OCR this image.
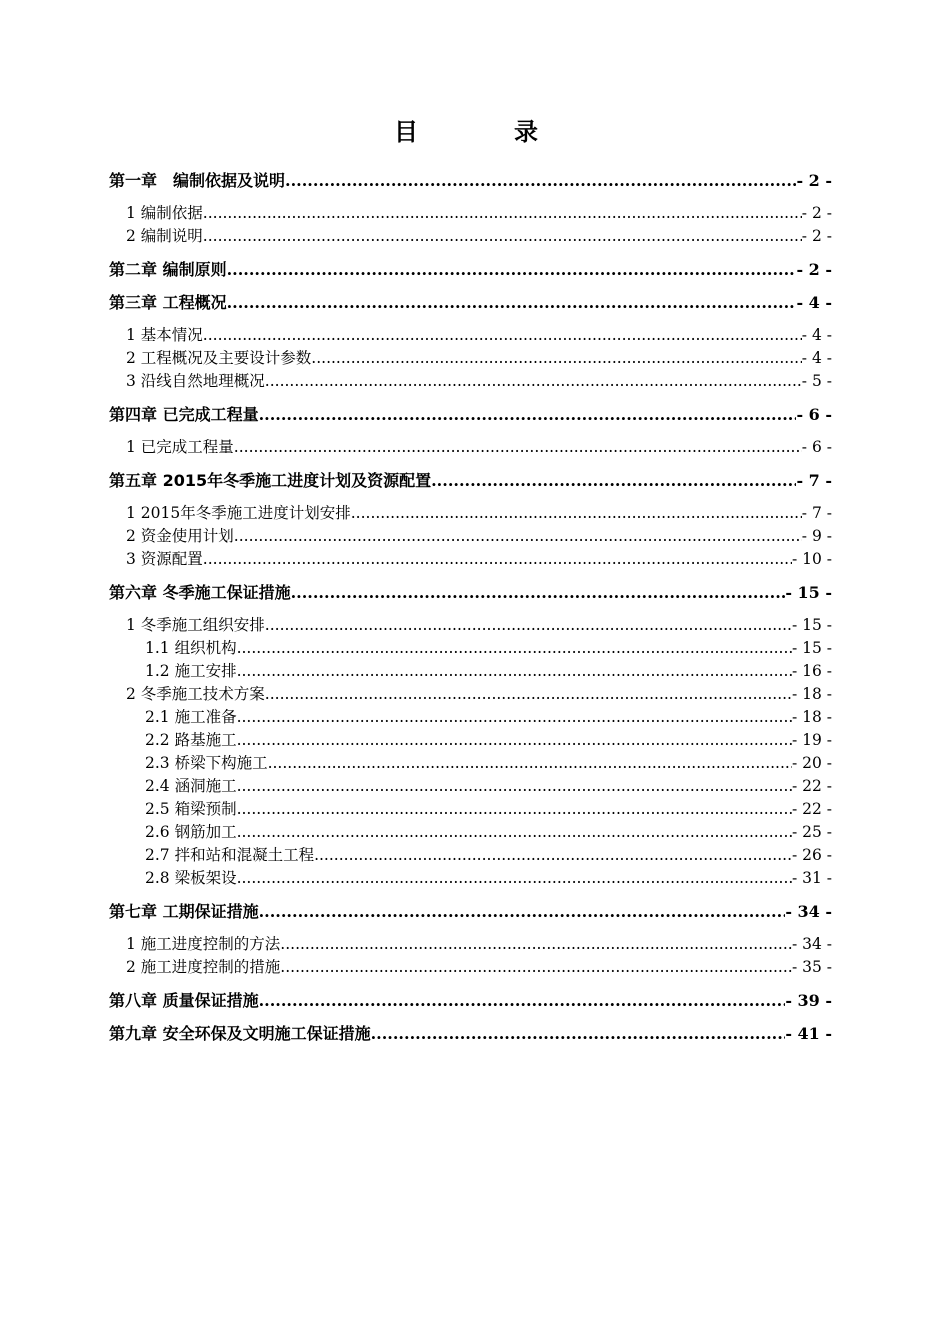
目　录
第一章　编制依据及说明 .....	- 2 -
1 编制依据 .....	- 2 -
2 编制说明 .....	- 2 -
第二章 编制原则 .....	- 2 -
第三章 工程概况 .....	- 4 -
1 基本情况 .....	- 4 -
2 工程概况及主要设计参数 .....	- 4 -
3 沿线自然地理概况 .....	- 5 -
第四章 已完成工程量 .....	- 6 -
1 已完成工程量 .....	- 6 -
第五章 2015年冬季施工进度计划及资源配置 .....	- 7 -
1 2015年冬季施工进度计划安排 .....	- 7 -
2 资金使用计划 .....	- 9 -
3 资源配置 .....	- 10 -
第六章 冬季施工保证措施 .....	- 15 -
1 冬季施工组织安排 .....	- 15 -
1.1 组织机构 .....	- 15 -
1.2 施工安排 .....	- 16 -
2 冬季施工技术方案 .....	- 18 -
2.1 施工准备 .....	- 18 -
2.2 路基施工 .....	- 19 -
2.3 桥梁下构施工 .....	- 20 -
2.4 涵洞施工 .....	- 22 -
2.5 箱梁预制 .....	- 22 -
2.6 钢筋加工 .....	- 25 -
2.7 拌和站和混凝土工程 .....	- 26 -
2.8 梁板架设 .....	- 31 -
第七章 工期保证措施 .....	- 34 -
1 施工进度控制的方法 .....	- 34 -
2 施工进度控制的措施 .....	- 35 -
第八章 质量保证措施 .....	- 39 -
第九章 安全环保及文明施工保证措施 .....	- 41 -
